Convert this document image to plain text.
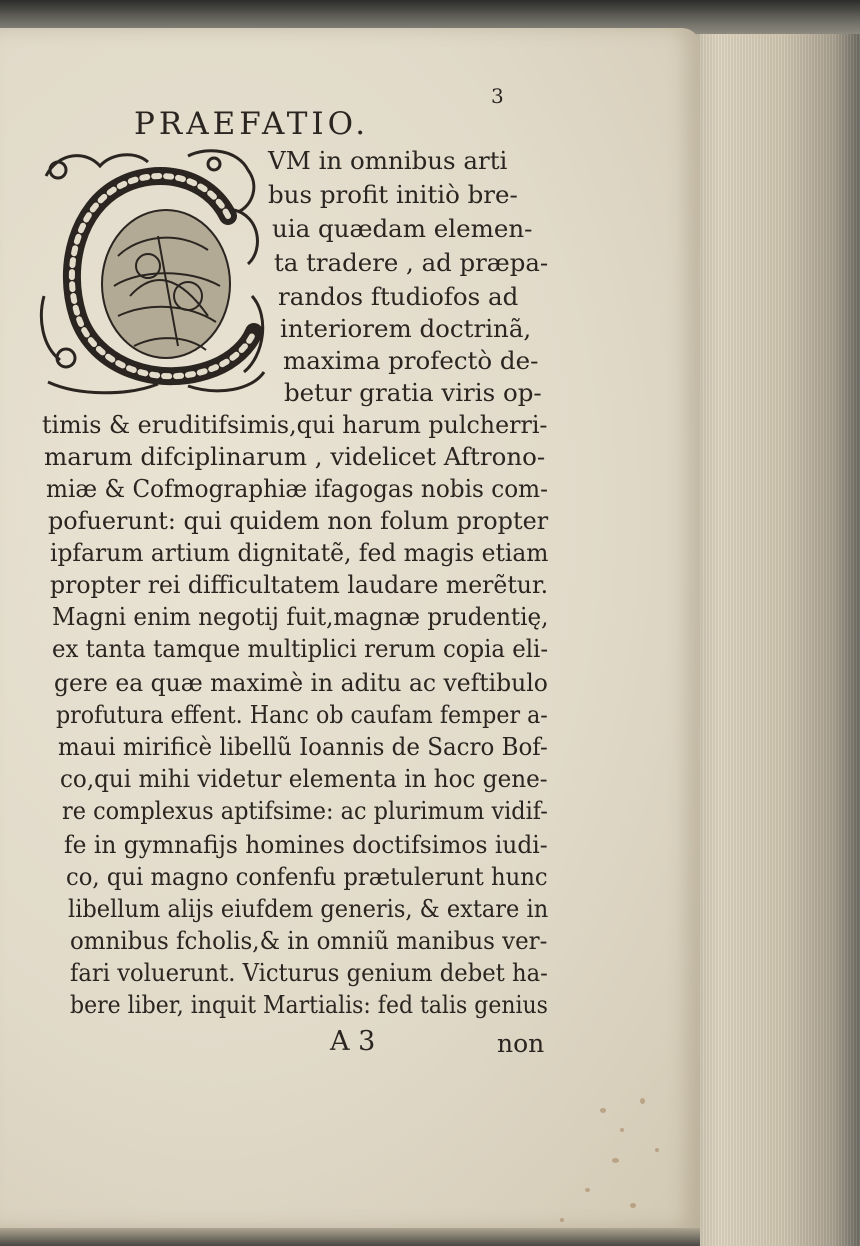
3
PRAEFATIO.
VM in omnibus arti
bus profit initiò bre-
uia quædam elemen-
ta tradere , ad præpa-
randos ftudiofos ad
interiorem doctrinã,
maxima profectò de-
betur gratia viris op-
timis & eruditifsimis,qui harum pulcherri-
marum difciplinarum , videlicet Aftrono-
miæ & Cofmographiæ ifagogas nobis com-
pofuerunt: qui quidem non folum propter
ipfarum artium dignitatẽ, fed magis etiam
propter rei difficultatem laudare merẽtur.
Magni enim negotij fuit,magnæ prudentię,
ex tanta tamque multiplici rerum copia eli-
gere ea quæ maximè in aditu ac veftibulo
profutura effent. Hanc ob caufam femper a-
maui mirificè libellũ Ioannis de Sacro Bof-
co,qui mihi videtur elementa in hoc gene-
re complexus aptifsime: ac plurimum vidif-
fe in gymnafijs homines doctifsimos iudi-
co, qui magno confenfu prætulerunt hunc
libellum alijs eiufdem generis, & extare in
omnibus fcholis,& in omniũ manibus ver-
fari voluerunt. Victurus genium debet ha-
bere liber, inquit Martialis: fed talis genius
A 3	non
